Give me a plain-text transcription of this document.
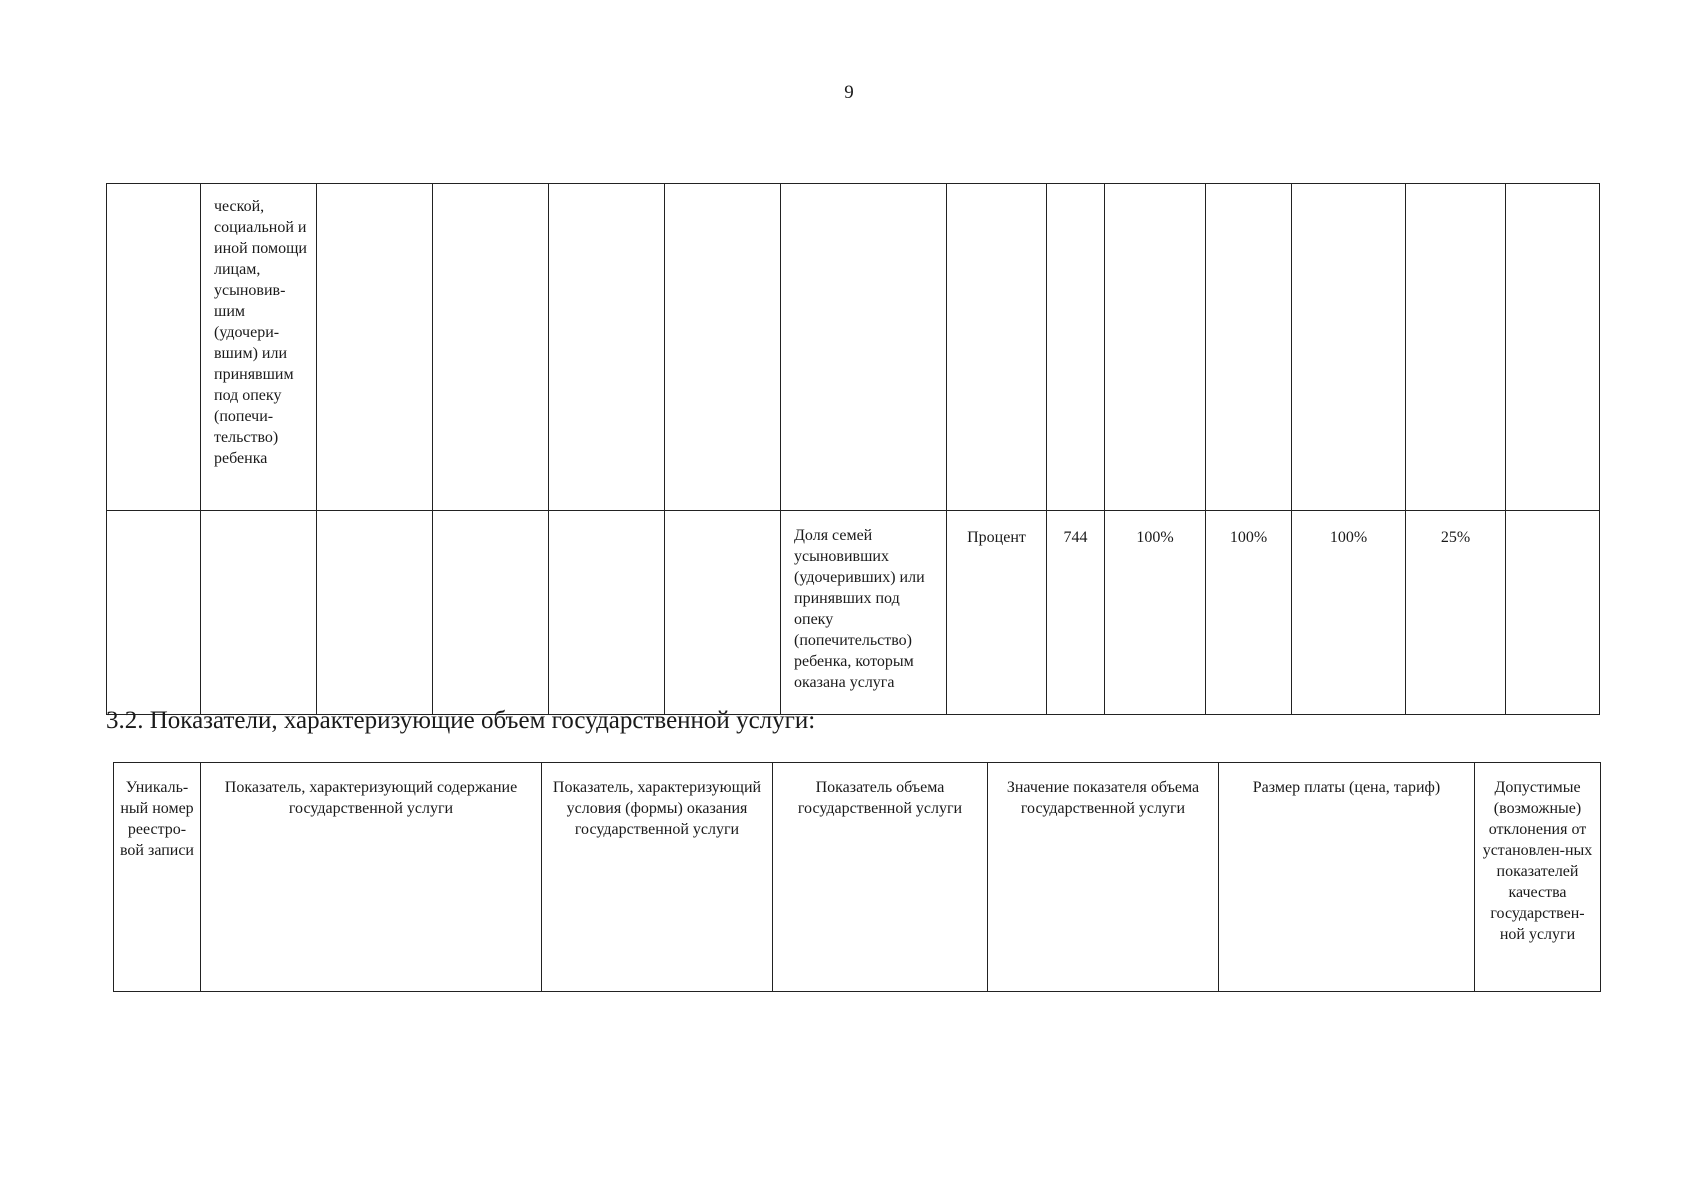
9
	ческой, социальной и иной помощи лицам, усыновив-шим (удочери-вшим) или принявшим под опеку (попечи-тельство) ребенка												
						Доля семей усыновивших (удочеривших) или принявших под опеку (попечительство) ребенка, которым оказана услуга	Процент	744	100%	100%	100%	25%	
3.2. Показатели, характеризующие объем государственной услуги:
Уникаль-ный номер реестро-вой записи	Показатель, характеризующий содержание государственной услуги	Показатель, характеризующий условия (формы) оказания государственной услуги	Показатель объема государственной услуги	Значение показателя объема государственной услуги	Размер платы (цена, тариф)	Допустимые (возможные) отклонения от установлен-ных показателей качества государствен-ной услуги
